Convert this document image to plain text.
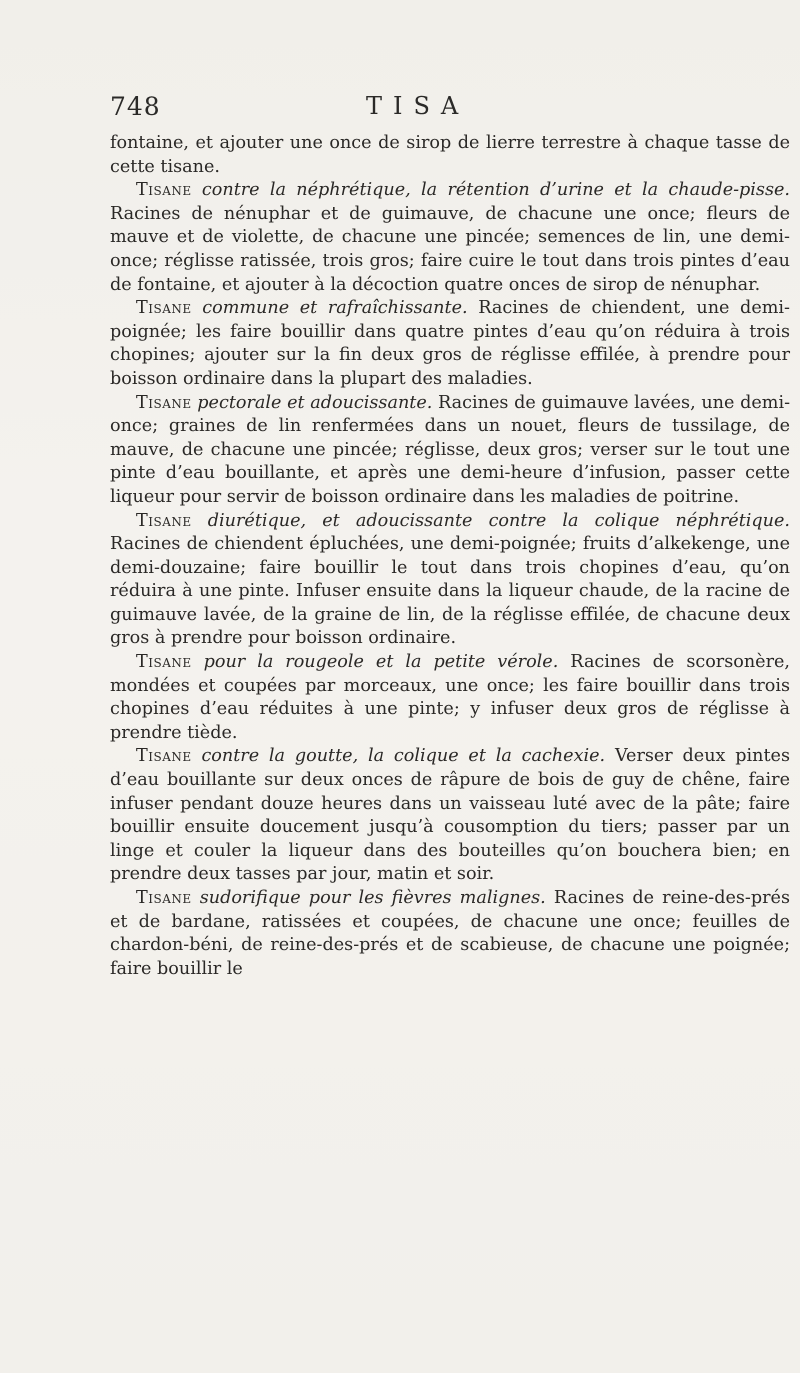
748	TISA

fontaine, et ajouter une once de sirop de lierre terrestre à chaque tasse de cette tisane.

Tisane contre la néphrétique, la rétention d’urine et la chaude-pisse. Racines de nénuphar et de guimauve, de chacune une once; fleurs de mauve et de violette, de chacune une pincée; semences de lin, une demi-once; réglisse ratissée, trois gros; faire cuire le tout dans trois pintes d’eau de fontaine, et ajouter à la décoction quatre onces de sirop de nénuphar.

Tisane commune et rafraîchissante. Racines de chiendent, une demi-poignée; les faire bouillir dans quatre pintes d’eau qu’on réduira à trois chopines; ajouter sur la fin deux gros de réglisse effilée, à prendre pour boisson ordinaire dans la plupart des maladies.

Tisane pectorale et adoucissante. Racines de guimauve lavées, une demi-once; graines de lin renfermées dans un nouet, fleurs de tussilage, de mauve, de chacune une pincée; réglisse, deux gros; verser sur le tout une pinte d’eau bouillante, et après une demi-heure d’infusion, passer cette liqueur pour servir de boisson ordinaire dans les maladies de poitrine.

Tisane diurétique, et adoucissante contre la colique néphrétique. Racines de chiendent épluchées, une demi-poignée; fruits d’alkekenge, une demi-douzaine; faire bouillir le tout dans trois chopines d’eau, qu’on réduira à une pinte. Infuser ensuite dans la liqueur chaude, de la racine de guimauve lavée, de la graine de lin, de la réglisse effilée, de chacune deux gros à prendre pour boisson ordinaire.

Tisane pour la rougeole et la petite vérole. Racines de scorsonère, mondées et coupées par morceaux, une once; les faire bouillir dans trois chopines d’eau réduites à une pinte; y infuser deux gros de réglisse à prendre tiède.

Tisane contre la goutte, la colique et la cachexie. Verser deux pintes d’eau bouillante sur deux onces de râpure de bois de guy de chêne, faire infuser pendant douze heures dans un vaisseau luté avec de la pâte; faire bouillir ensuite doucement jusqu’à cousomption du tiers; passer par un linge et couler la liqueur dans des bouteilles qu’on bouchera bien; en prendre deux tasses par jour, matin et soir.

Tisane sudorifique pour les fièvres malignes. Racines de reine-des-prés et de bardane, ratissées et coupées, de chacune une once; feuilles de chardon-béni, de reine-des-prés et de scabieuse, de chacune une poignée; faire bouillir le
